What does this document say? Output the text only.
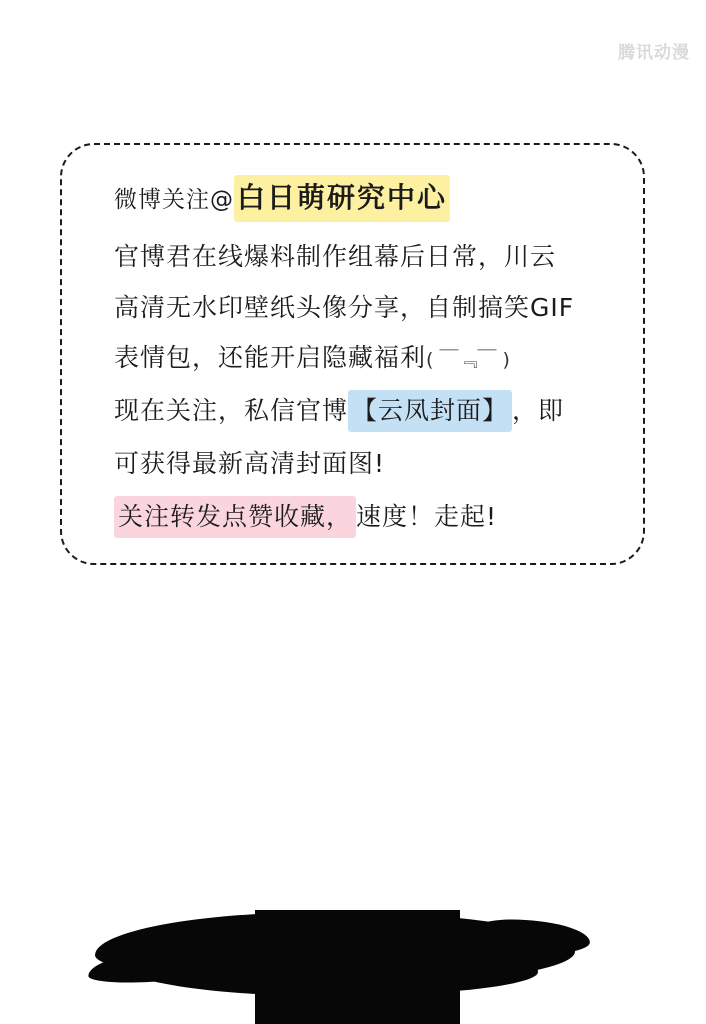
腾讯动漫
微博关注@ 白日萌研究中心
官博君在线爆料制作组幕后日常，川云
高清无水印壁纸头像分享，自制搞笑GIF
表情包，还能开启隐藏福利 ( ￣﹃￣ )
现在关注，私信官博 【云凤封面】 ，即
可获得最新高清封面图!
关注转发点赞收藏， 速度！走起!
